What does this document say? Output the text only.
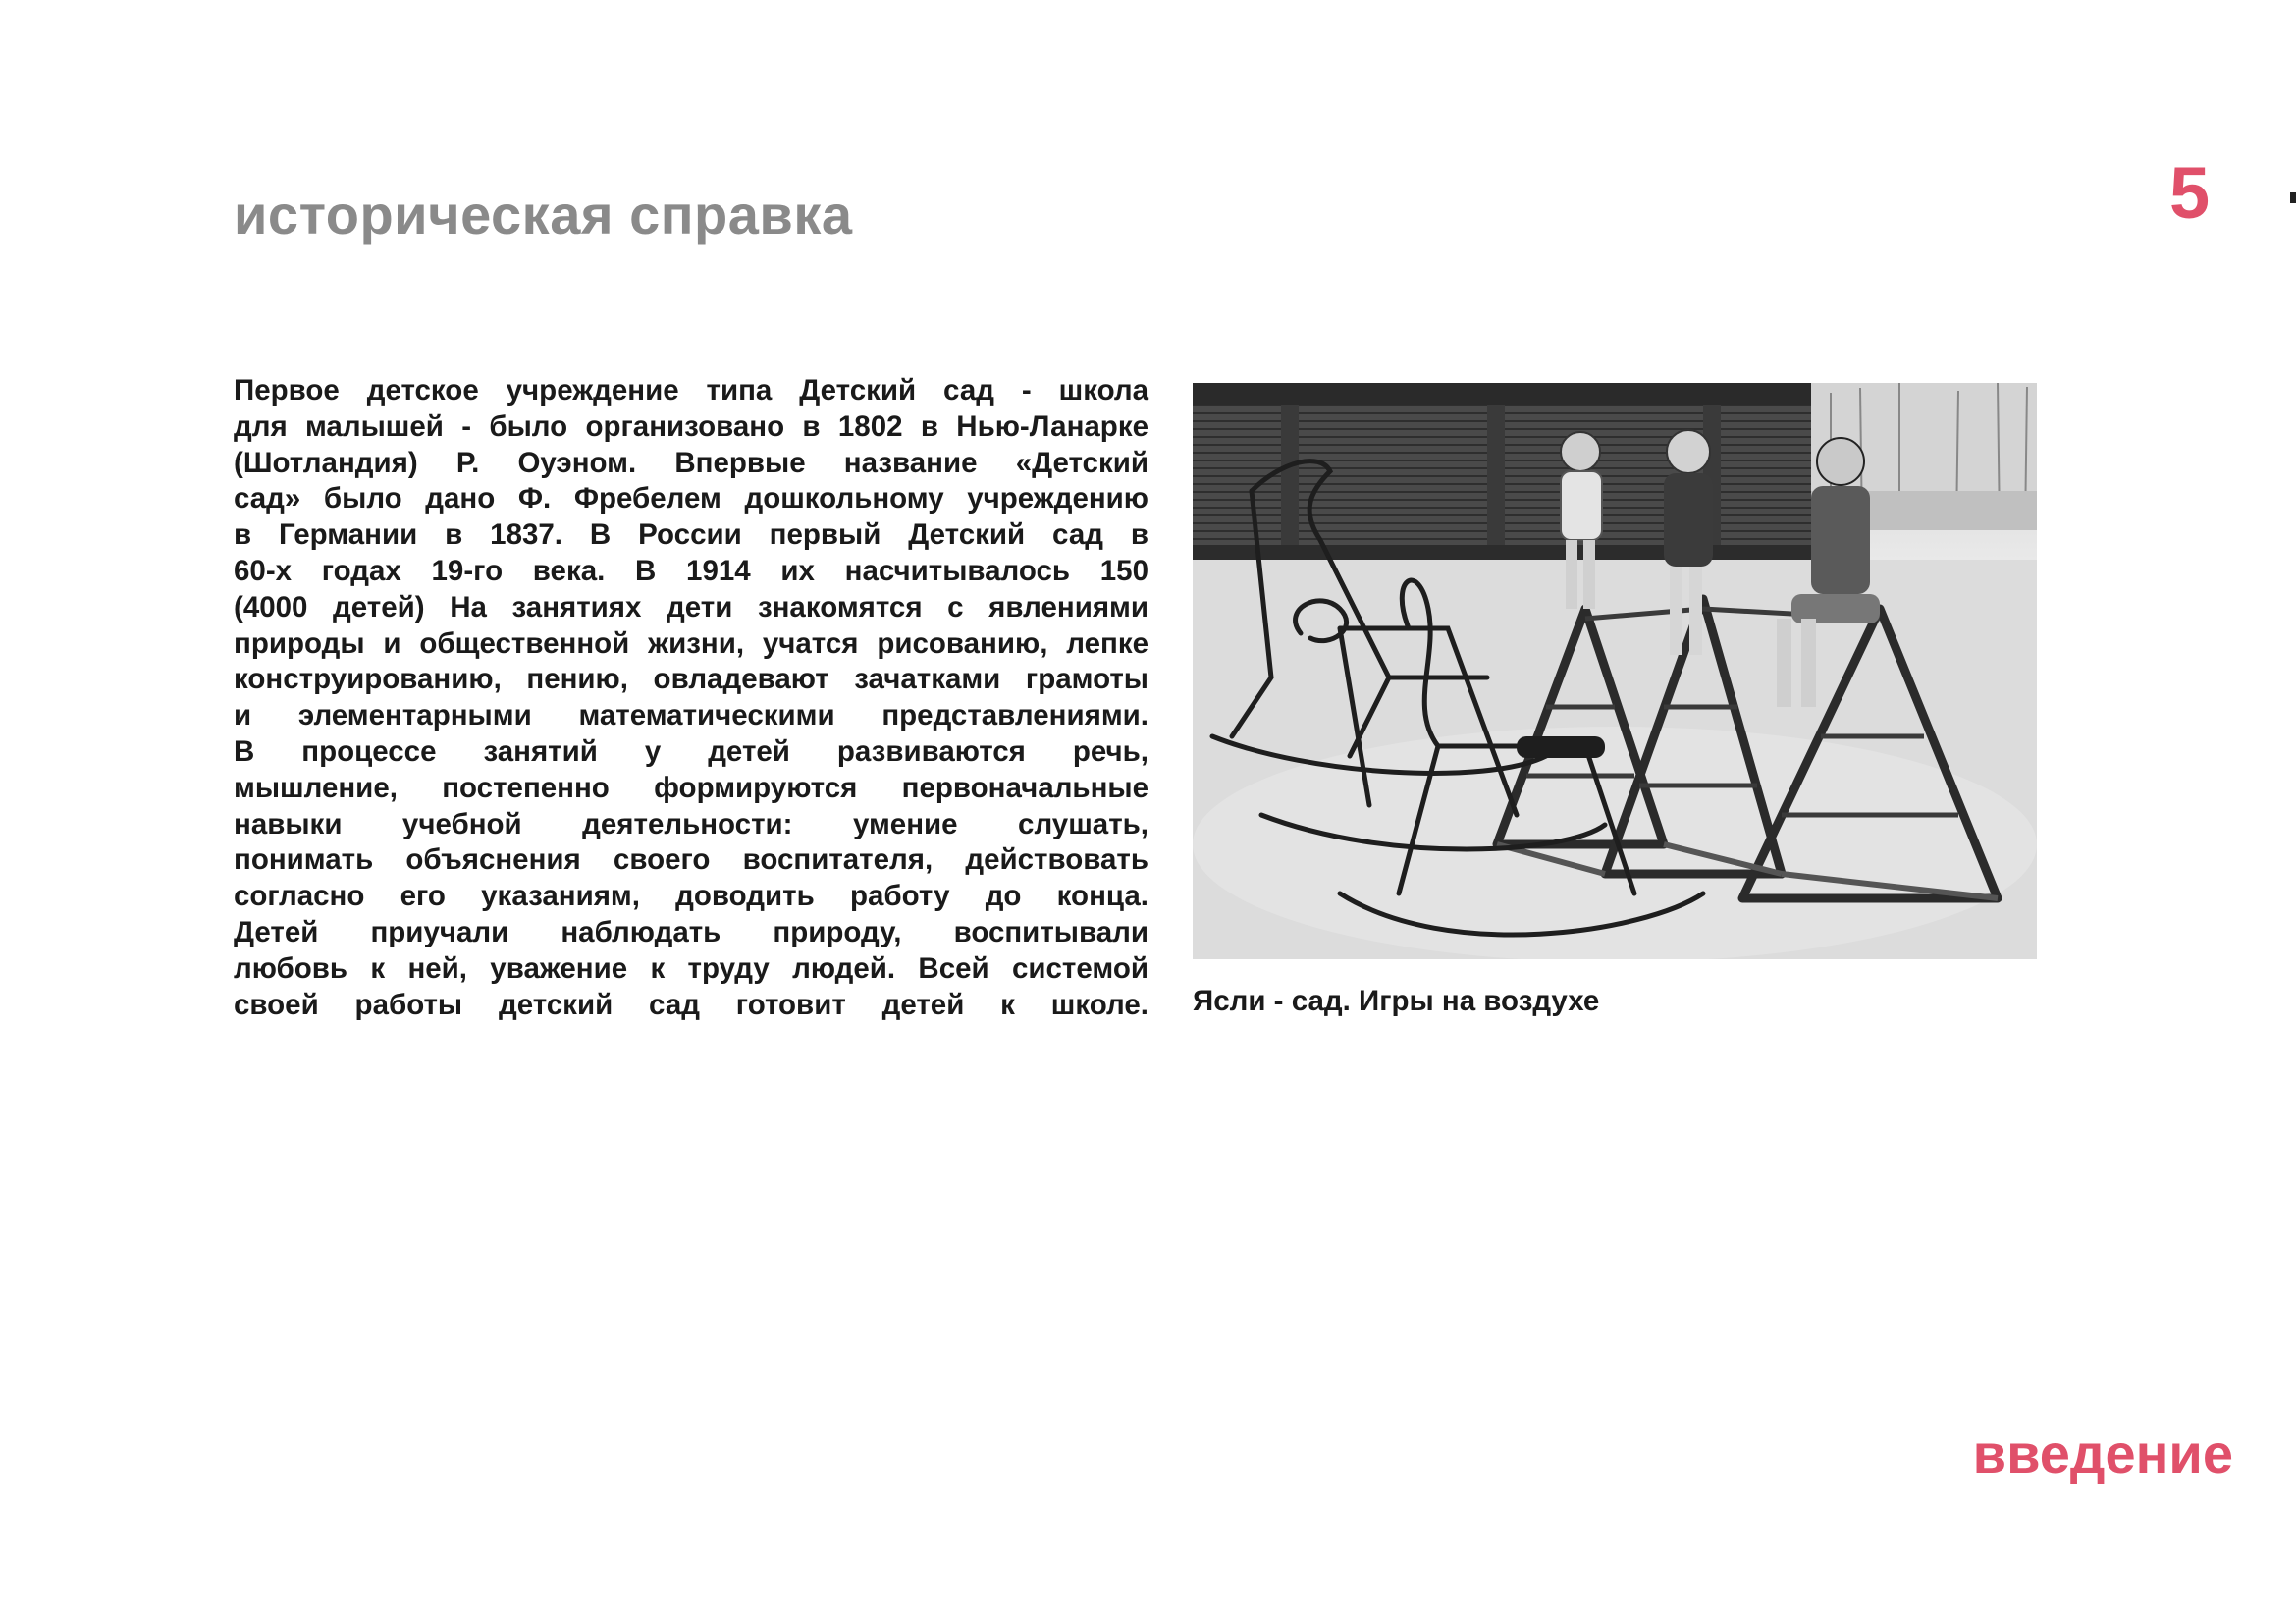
историческая справка	5
Первое детское учреждение типа Детский сад - школа
для малышей - было организовано в 1802 в Нью-Ланарке
(Шотландия) Р. Оуэном. Впервые название «Детский
сад» было дано Ф. Фребелем дошкольному учреждению
в Германии в 1837. В России первый Детский сад в
60-х годах 19-го века. В 1914 их насчитывалось 150
(4000 детей) На занятиях дети знакомятся с явлениями
природы и общественной жизни, учатся рисованию, лепке
конструированию, пению, овладевают зачатками грамоты
и элементарными математическими представлениями.
В процессе занятий у детей развиваются речь,
мышление, постепенно формируются первоначальные
навыки учебной деятельности: умение слушать,
понимать объяснения своего воспитателя, действовать
согласно его указаниям, доводить работу до конца.
Детей приучали наблюдать природу, воспитывали
любовь к ней, уважение к труду людей. Всей системой
своей работы детский сад готовит детей к школе. Ясли - сад. Игры на воздухе
введение
